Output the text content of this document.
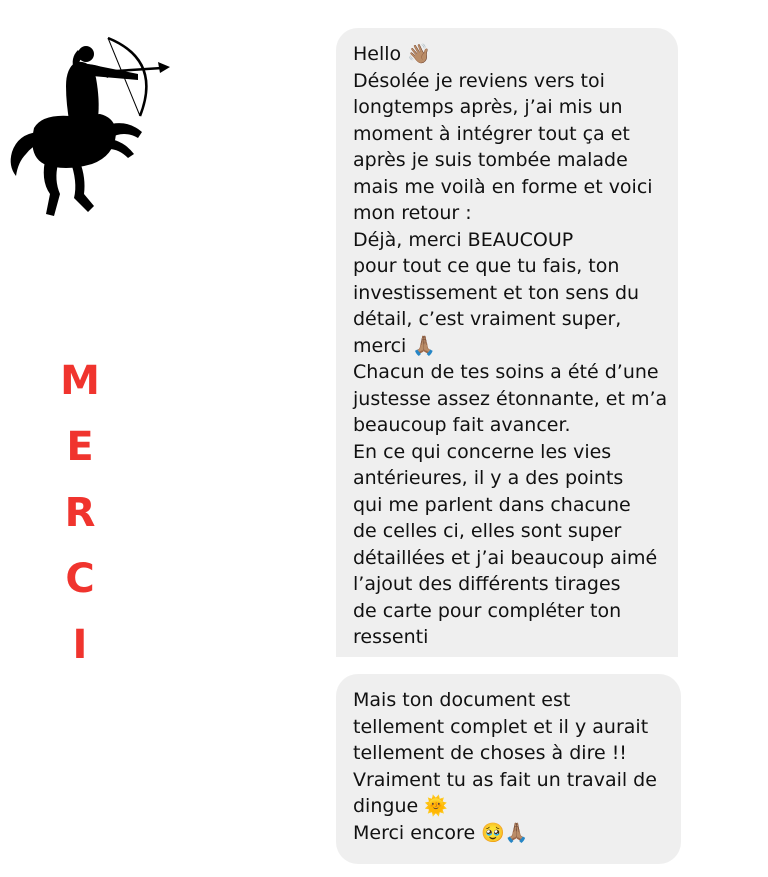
M
E
R
C
I
Hello 👋🏽
Désolée je reviens vers toi
longtemps après, j’ai mis un
moment à intégrer tout ça et
après je suis tombée malade
mais me voilà en forme et voici
mon retour :
Déjà, merci BEAUCOUP
pour tout ce que tu fais, ton
investissement et ton sens du
détail, c’est vraiment super,
merci 🙏🏽
Chacun de tes soins a été d’une
justesse assez étonnante, et m’a
beaucoup fait avancer.
En ce qui concerne les vies
antérieures, il y a des points
qui me parlent dans chacune
de celles ci, elles sont super
détaillées et j’ai beaucoup aimé
l’ajout des différents tirages
de carte pour compléter ton
ressenti
Mais ton document est
tellement complet et il y aurait
tellement de choses à dire !!
Vraiment tu as fait un travail de
dingue 🌞
Merci encore 🥹🙏🏽
